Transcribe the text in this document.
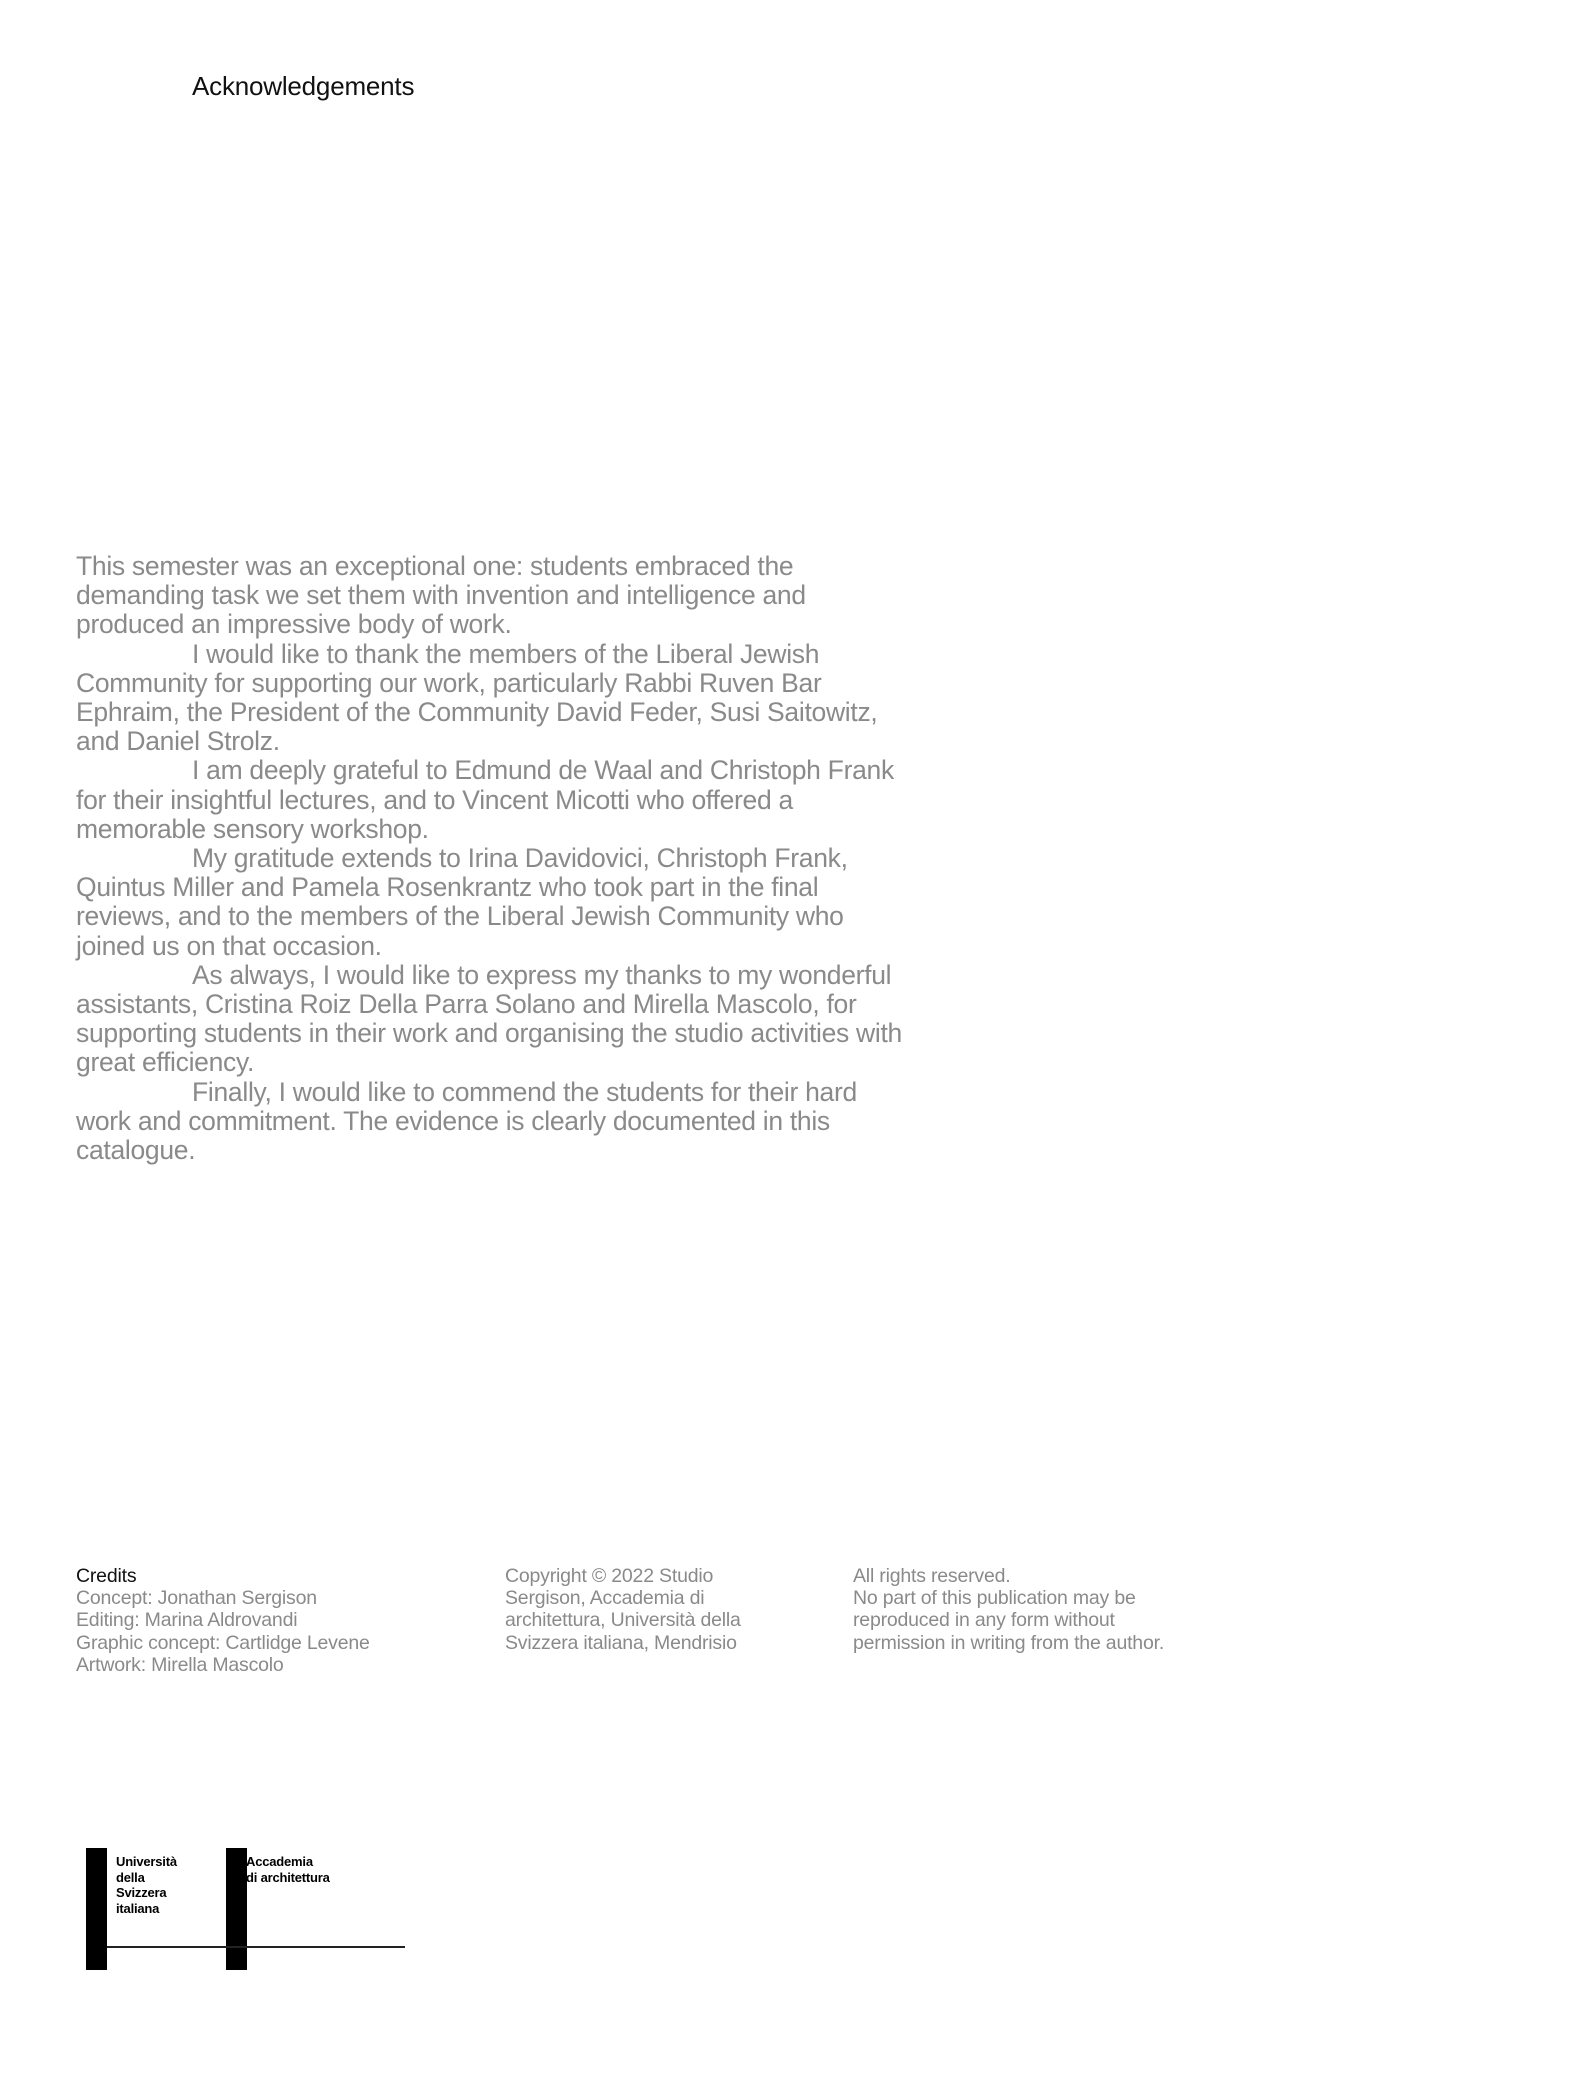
Acknowledgements

This semester was an exceptional one: students embraced the demanding task we set them with invention and intelligence and produced an impressive body of work.

I would like to thank the members of the Liberal Jewish Community for supporting our work, particularly Rabbi Ruven Bar Ephraim, the President of the Community David Feder, Susi Saitowitz, and Daniel Strolz.

I am deeply grateful to Edmund de Waal and Christoph Frank for their insightful lectures, and to Vincent Micotti who offered a memorable sensory workshop.

My gratitude extends to Irina Davidovici, Christoph Frank, Quintus Miller and Pamela Rosenkrantz who took part in the final reviews, and to the members of the Liberal Jewish Community who joined us on that occasion.

As always, I would like to express my thanks to my wonderful assistants, Cristina Roiz Della Parra Solano and Mirella Mascolo, for supporting students in their work and organising the studio activities with great efficiency.

Finally, I would like to commend the students for their hard work and commitment. The evidence is clearly documented in this catalogue.

Credits
Concept: Jonathan Sergison
Editing: Marina Aldrovandi
Graphic concept: Cartlidge Levene
Artwork: Mirella Mascolo
Copyright © 2022 Studio
Sergison, Accademia di
architettura, Università della
Svizzera italiana, Mendrisio
All rights reserved.
No part of this publication may be
reproduced in any form without
permission in writing from the author.
Università
della
Svizzera
italiana
Accademia
di architettura
